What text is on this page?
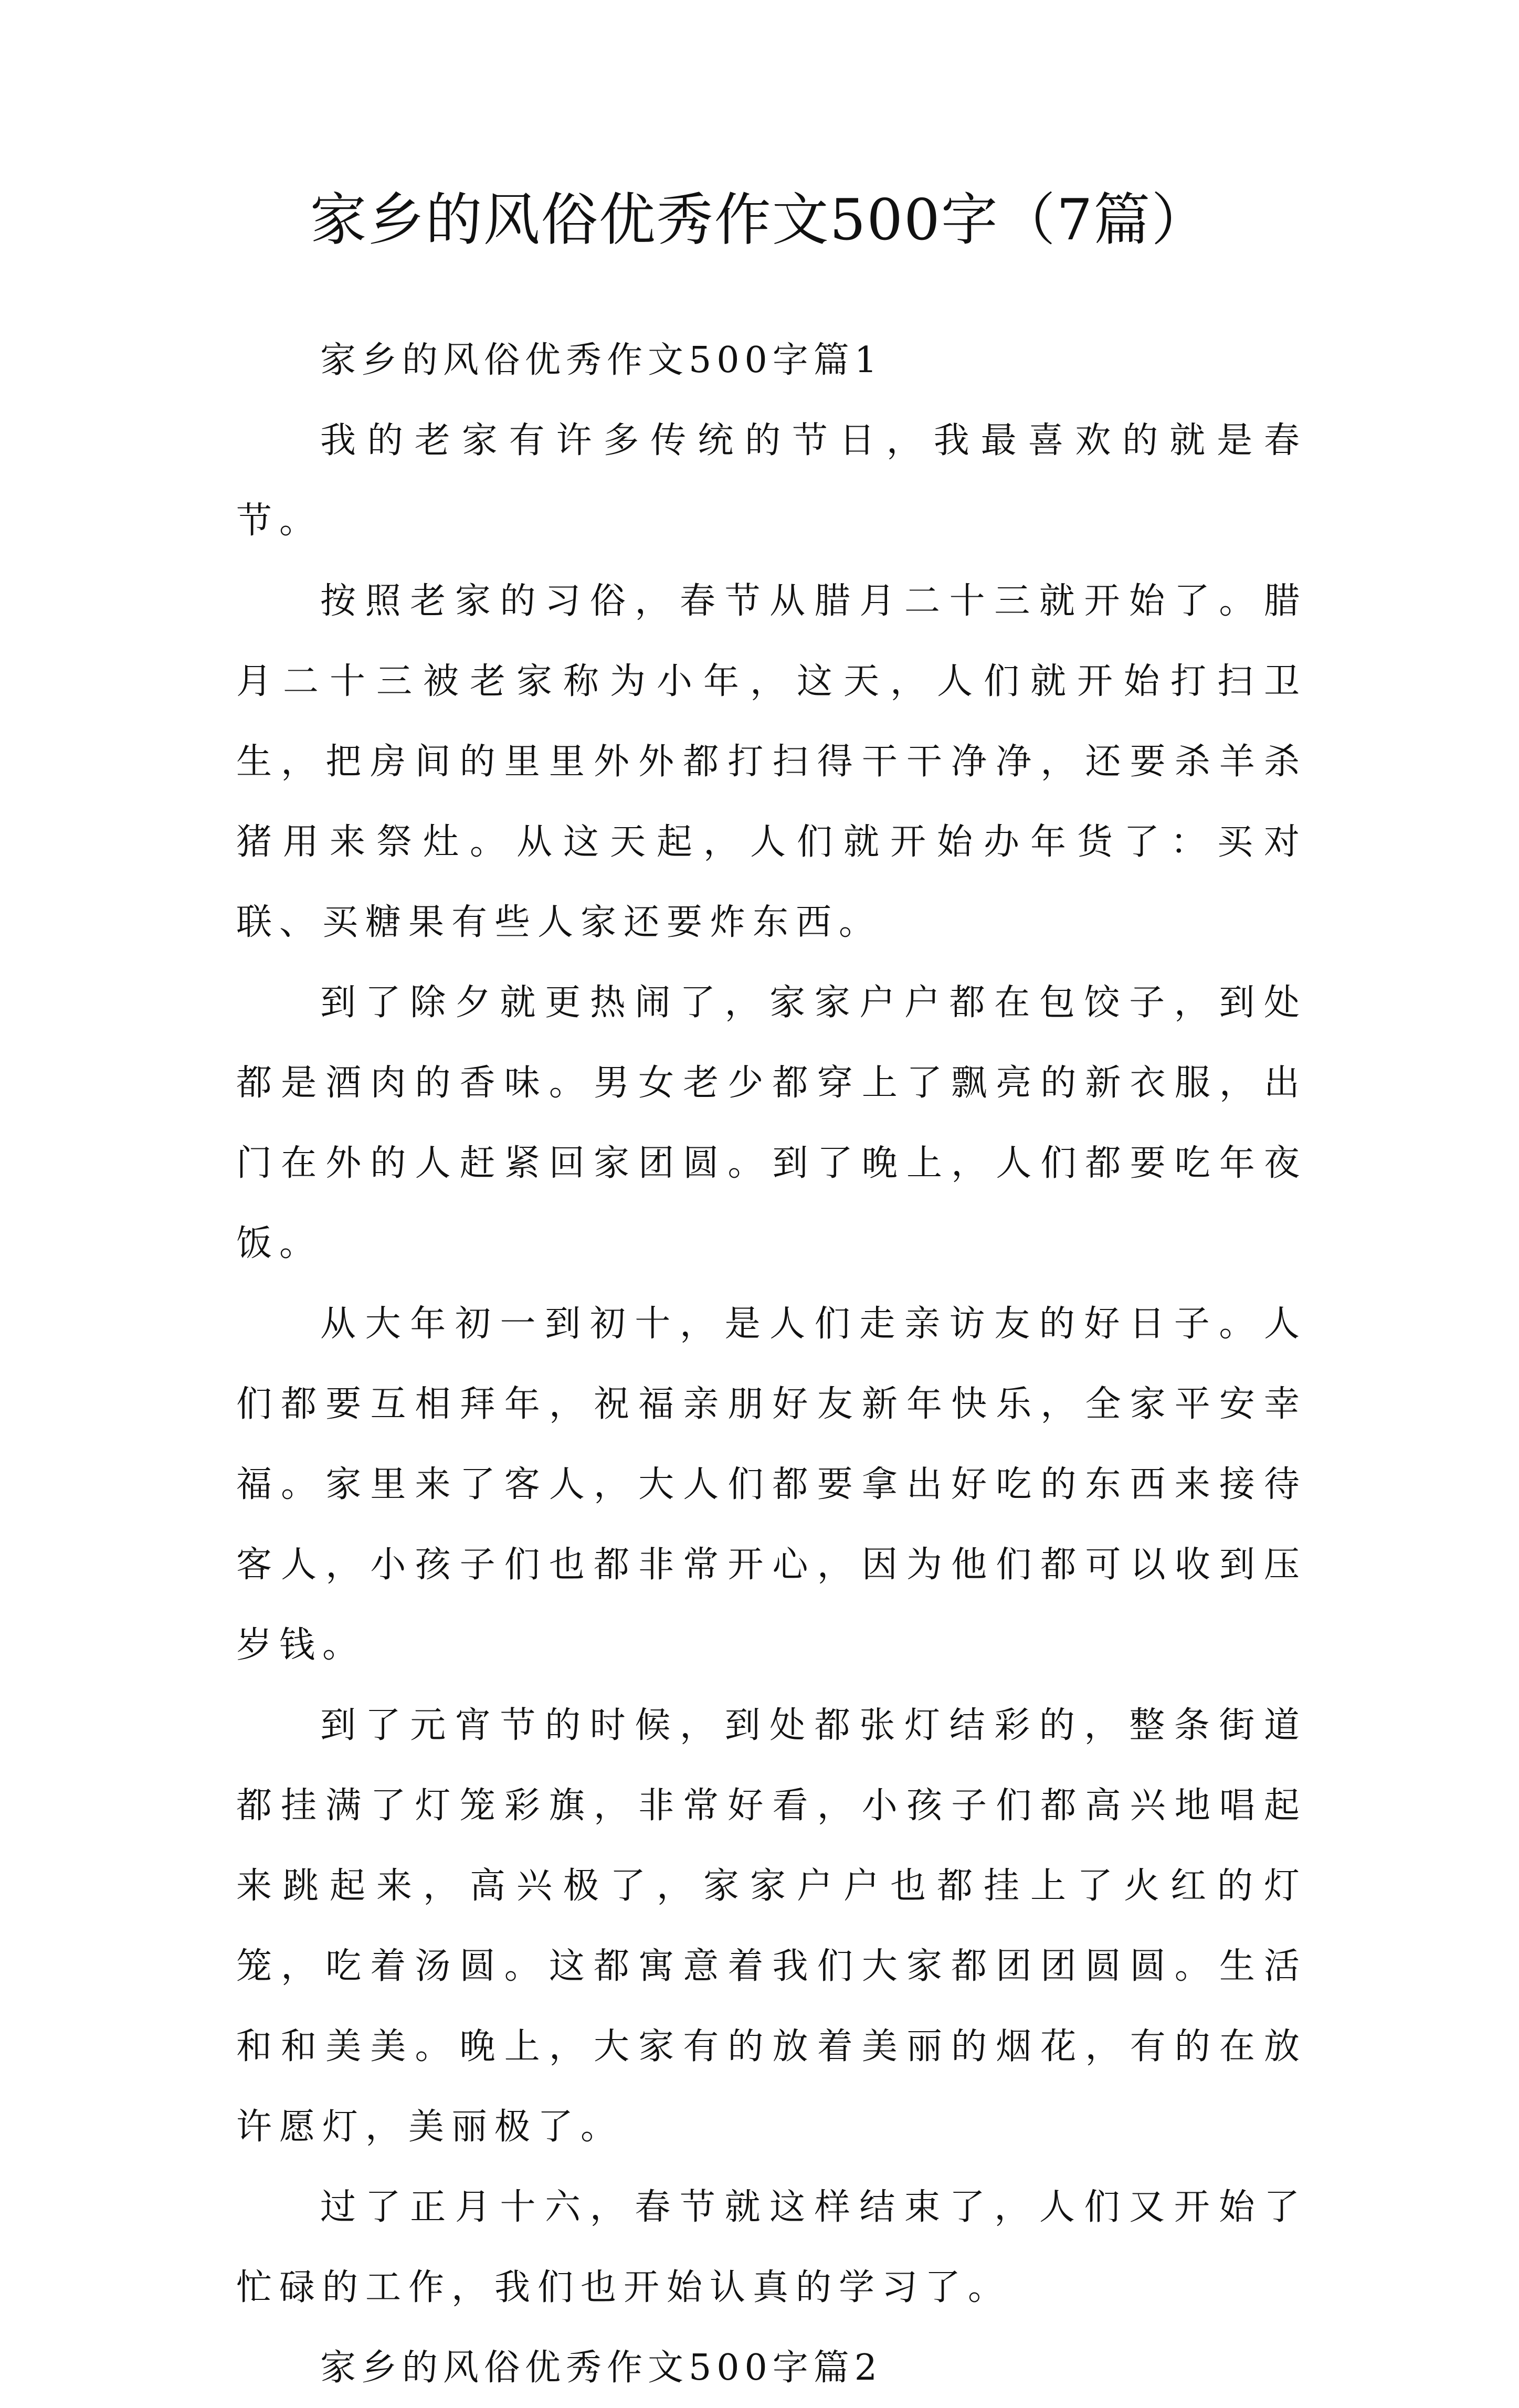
家乡的风俗优秀作文500字（7篇）

家乡的风俗优秀作文500字篇1

我的老家有许多传统的节日，我最喜欢的就是春节。

按照老家的习俗，春节从腊月二十三就开始了。腊月二十三被老家称为小年，这天，人们就开始打扫卫生，把房间的里里外外都打扫得干干净净，还要杀羊杀猪用来祭灶。从这天起，人们就开始办年货了：买对联、买糖果有些人家还要炸东西。

到了除夕就更热闹了，家家户户都在包饺子，到处都是酒肉的香味。男女老少都穿上了飘亮的新衣服，出门在外的人赶紧回家团圆。到了晚上，人们都要吃年夜饭。

从大年初一到初十，是人们走亲访友的好日子。人们都要互相拜年，祝福亲朋好友新年快乐，全家平安幸福。家里来了客人，大人们都要拿出好吃的东西来接待客人，小孩子们也都非常开心，因为他们都可以收到压岁钱。

到了元宵节的时候，到处都张灯结彩的，整条街道都挂满了灯笼彩旗，非常好看，小孩子们都高兴地唱起来跳起来，高兴极了，家家户户也都挂上了火红的灯笼，吃着汤圆。这都寓意着我们大家都团团圆圆。生活和和美美。晚上，大家有的放着美丽的烟花，有的在放许愿灯，美丽极了。

过了正月十六，春节就这样结束了，人们又开始了忙碌的工作，我们也开始认真的学习了。

家乡的风俗优秀作文500字篇2
